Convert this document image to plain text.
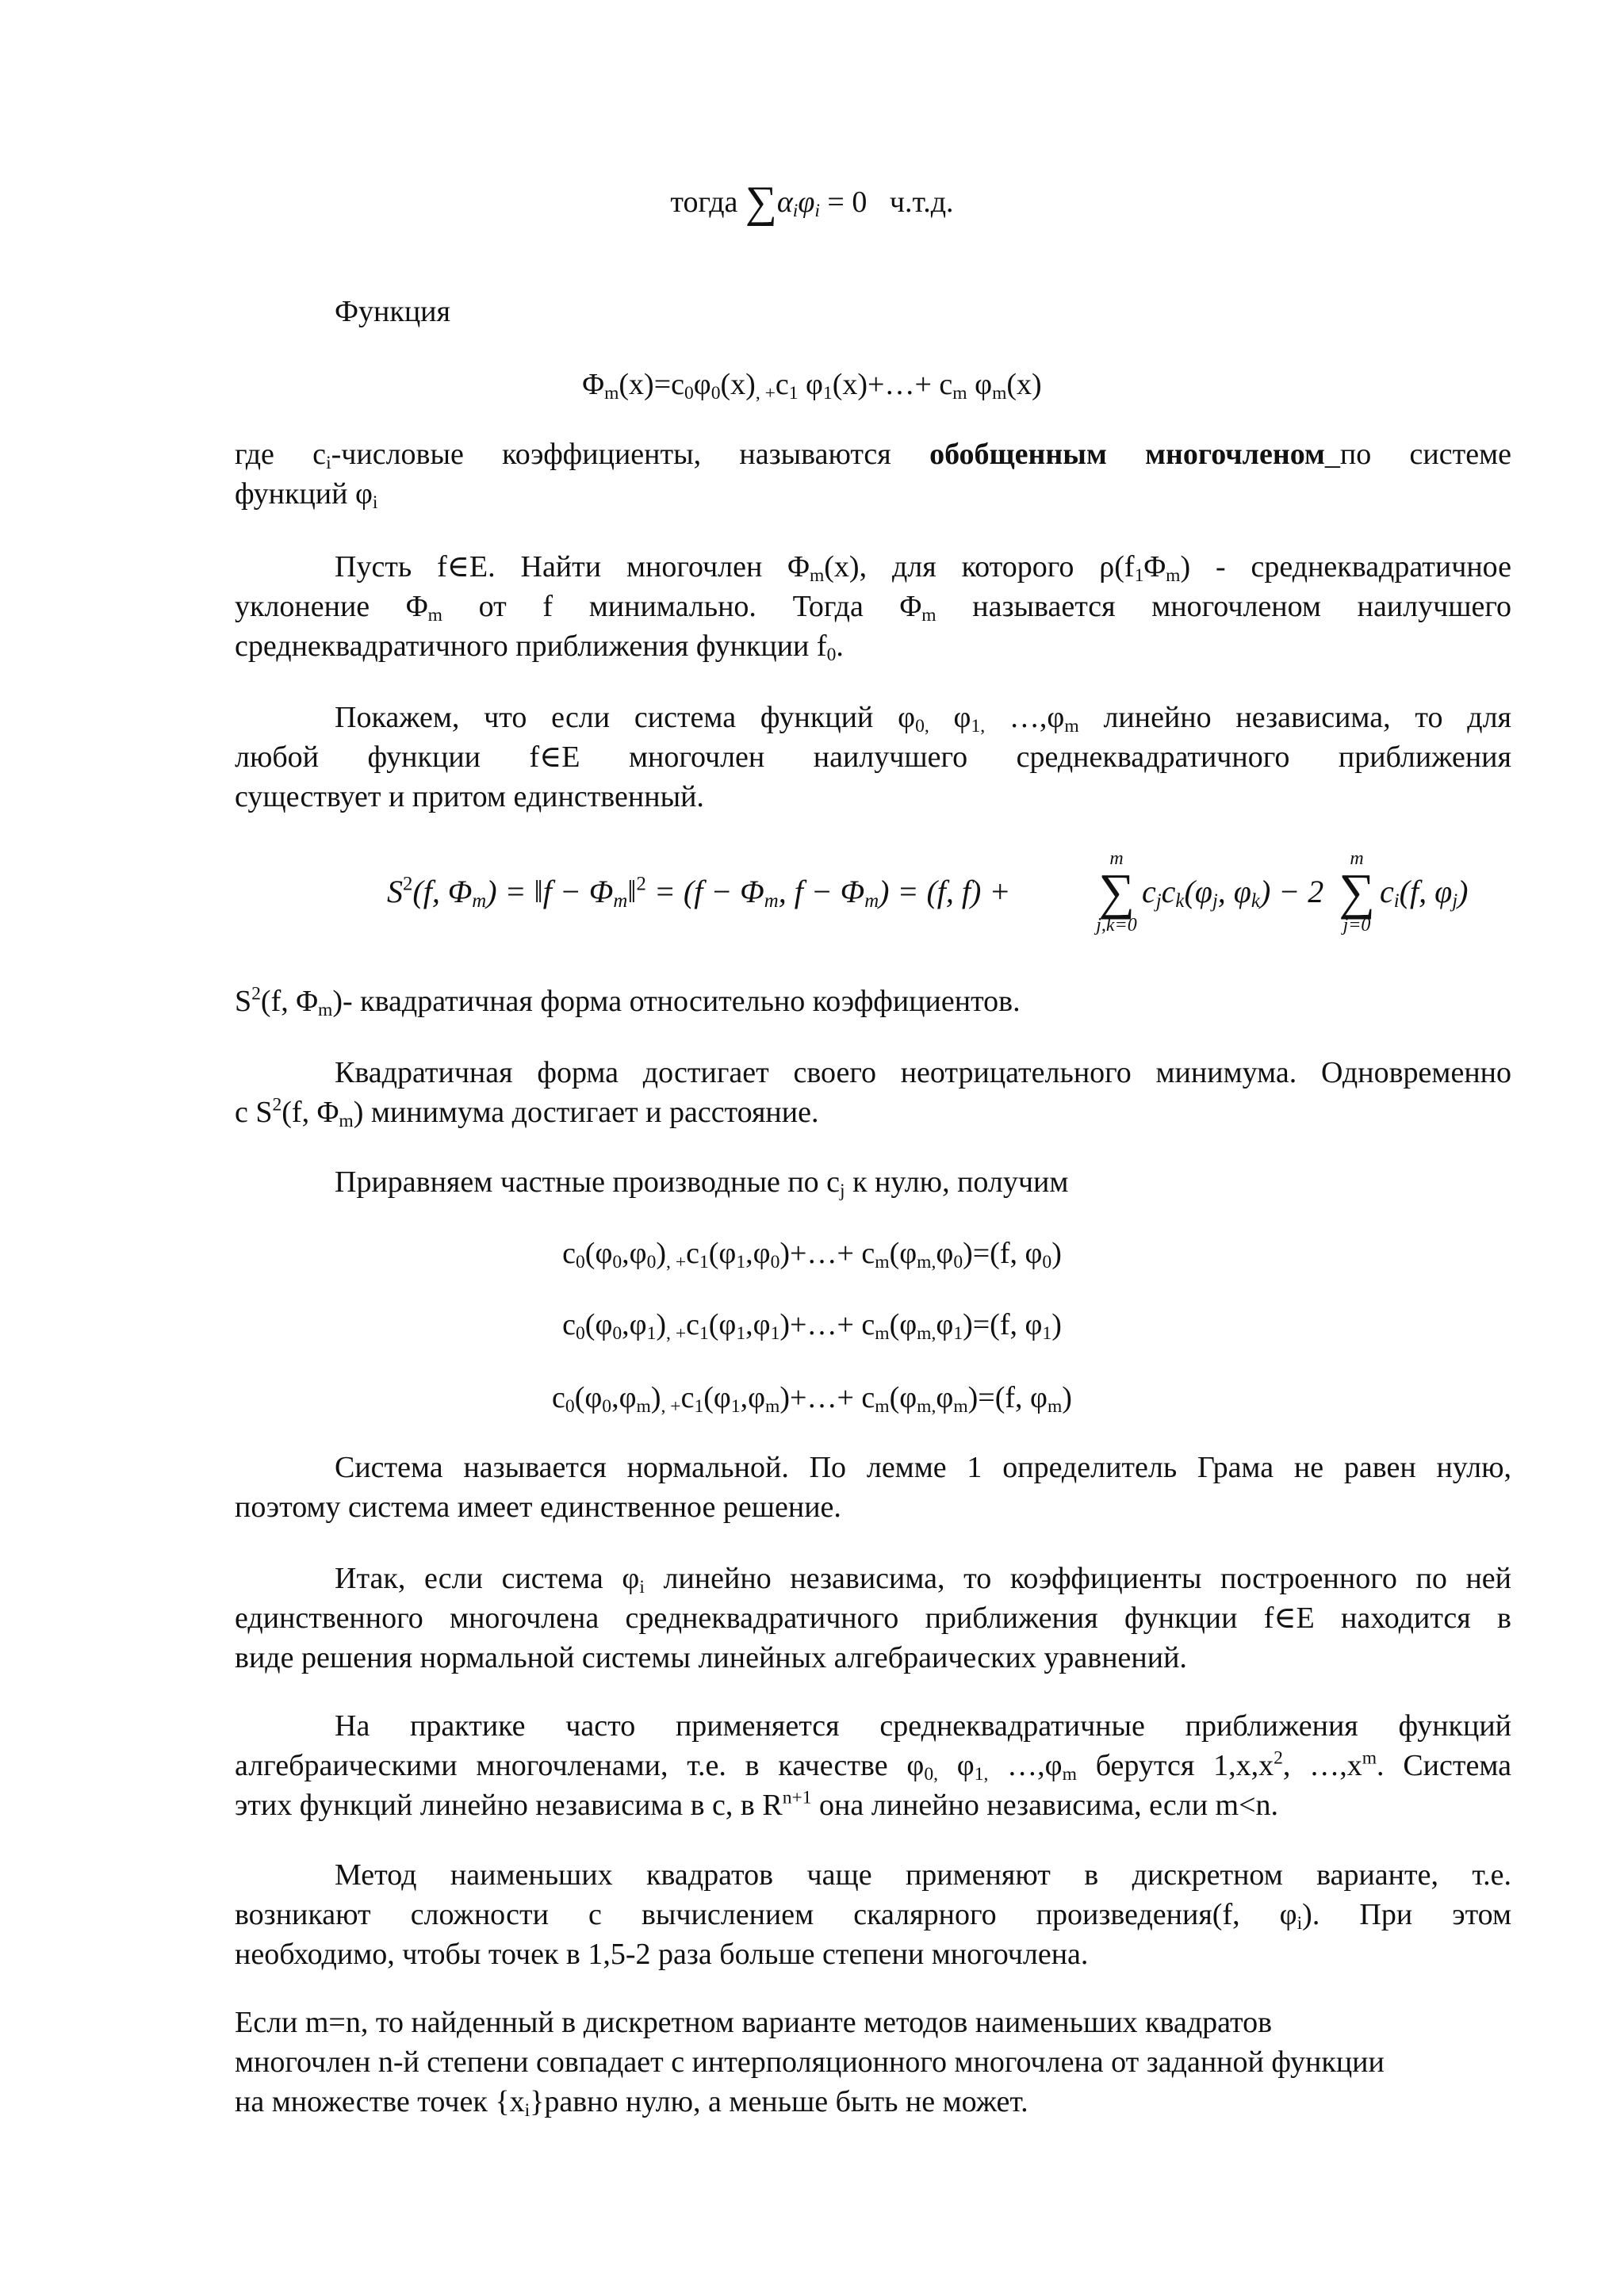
тогда $\sum\alpha_i\varphi_i = 0$ ч.т.д.
Функция
$\Phi_m(x)=c_0\varphi_0(x)_{, +}c_1$ $\varphi_1(x)+\dots+ c_m$ $\varphi_m(x)$
где $c_i$-числовые коэффициенты, называются обобщенным многочленом_по системе
функций $\varphi_i$
Пусть f∈E. Найти многочлен $\Phi_m(x)$, для которого $\rho(f_1\Phi_m)$ - среднеквадратичное
уклонение $\Phi_m$ от f минимально. Тогда $\Phi_m$ называется многочленом наилучшего
среднеквадратичного приближения функции $f_0$.
Покажем, что если система функций $\varphi_{0,}$ $\varphi_{1,}$ $\dots,\varphi_m$ линейно независима, то для
любой функции f∈E многочлен наилучшего среднеквадратичного приближения
существует и притом единственный.
$S^2(f$, $\Phi_m$) = ‖f − $\Phi_m‖^2 = (f - \Phi_m$, $f - \Phi_m) = (f$, f) +
m
∑
j,k=0
$c_jc_k(\varphi_j$, $\varphi_k) - 2$
m
∑
j=0
$c_i(f$, $\varphi_j$)
$S^2(f$, $\Phi_m)-$ квадратичная форма относительно коэффициентов.
Квадратичная форма достигает своего неотрицательного минимума. Одновременно
с $S^2(f$, $\Phi_m$) минимума достигает и расстояние.
Приравняем частные производные по $c_j$ к нулю, получим
$c_0(\varphi_0,\varphi_0)_{, +}c_1(\varphi_1,\varphi_0)+\dots+ c_m(\varphi_{m,}\varphi_0)=(f$, $\varphi_0$)
$c_0(\varphi_0,\varphi_1)_{, +}c_1(\varphi_1,\varphi_1)+\dots+ c_m(\varphi_{m,}\varphi_1)=(f$, $\varphi_1$)
$c_0(\varphi_0,\varphi_m)_{, +}c_1(\varphi_1,\varphi_m)+\dots+ c_m(\varphi_{m,}\varphi_m)=(f$, $\varphi_m$)
Система называется нормальной. По лемме 1 определитель Грама не равен нулю,
поэтому система имеет единственное решение.
Итак, если система $\varphi_i$ линейно независима, то коэффициенты построенного по ней
единственного многочлена среднеквадратичного приближения функции f∈E находится в
виде решения нормальной системы линейных алгебраических уравнений.
На практике часто применяется среднеквадратичные приближения функций
алгебраическими многочленами, т.е. в качестве $\varphi_{0,}$ $\varphi_{1,}$ $\dots,\varphi_m$ берутся $1,x,x^2$, $\dots,x^m$. Система
этих функций линейно независима в c, в $R^{n+1}$ она линейно независима, если m<n.
Метод наименьших квадратов чаще применяют в дискретном варианте, т.е.
возникают сложности с вычислением скалярного произведения(f, $\varphi_i$). При этом
необходимо, чтобы точек в 1,5-2 раза больше степени многочлена.
Если m=n, то найденный в дискретном варианте методов наименьших квадратов
многочлен n-й степени совпадает с интерполяционного многочлена от заданной функции
на множестве точек $\{x_i\}равно$ нулю, а меньше быть не может.
